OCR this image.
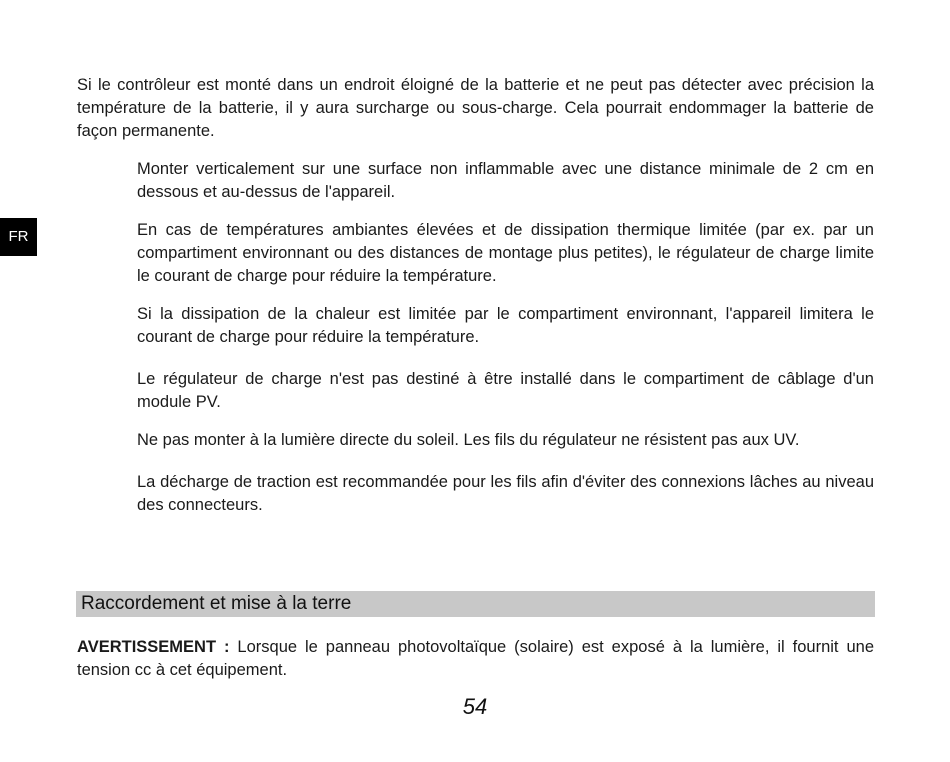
FR

Si le contrôleur est monté dans un endroit éloigné de la batterie et ne peut pas détecter avec précision la température de la batterie, il y aura surcharge ou sous-charge. Cela pourrait endommager la batterie de façon permanente.

Monter verticalement sur une surface non inflammable avec une distance minimale de 2 cm en dessous et au-dessus de l'appareil.

En cas de températures ambiantes élevées et de dissipation thermique limitée (par ex. par un compartiment environnant ou des distances de montage plus petites), le régulateur de charge limite le courant de charge pour réduire la température.

Si la dissipation de la chaleur est limitée par le compartiment environnant, l'appareil limitera le courant de charge pour réduire la température.

Le régulateur de charge n'est pas destiné à être installé dans le compartiment de câblage d'un module PV.

Ne pas monter à la lumière directe du soleil. Les fils du régulateur ne résistent pas aux UV.

La décharge de traction est recommandée pour les fils afin d'éviter des connexions lâches au niveau des connecteurs.

Raccordement et mise à la terre

AVERTISSEMENT : Lorsque le panneau photovoltaïque (solaire) est exposé à la lumière, il fournit une tension cc à cet équipement.

54
